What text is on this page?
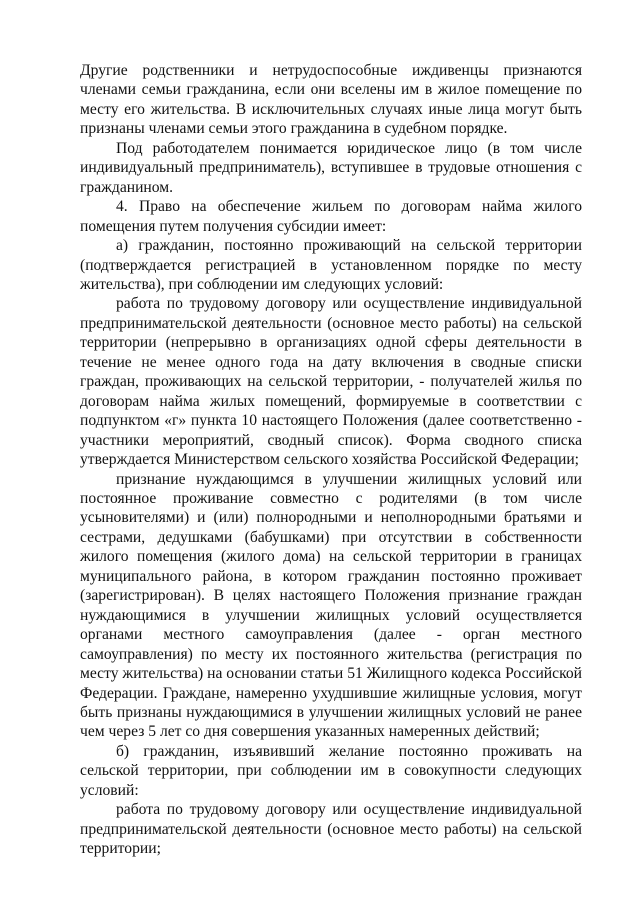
Другие родственники и нетрудоспособные иждивенцы признаются членами семьи гражданина, если они вселены им в жилое помещение по месту его жительства. В исключительных случаях иные лица могут быть признаны членами семьи этого гражданина в судебном порядке.

Под работодателем понимается юридическое лицо (в том числе индивидуальный предприниматель), вступившее в трудовые отношения с гражданином.

4. Право на обеспечение жильем по договорам найма жилого помещения путем получения субсидии имеет:

а) гражданин, постоянно проживающий на сельской территории (подтверждается регистрацией в установленном порядке по месту жительства), при соблюдении им следующих условий:

работа по трудовому договору или осуществление индивидуальной предпринимательской деятельности (основное место работы) на сельской территории (непрерывно в организациях одной сферы деятельности в течение не менее одного года на дату включения в сводные списки граждан, проживающих на сельской территории, - получателей жилья по договорам найма жилых помещений, формируемые в соответствии с подпунктом «г» пункта 10 настоящего Положения (далее соответственно - участники мероприятий, сводный список). Форма сводного списка утверждается Министерством сельского хозяйства Российской Федерации;

признание нуждающимся в улучшении жилищных условий или постоянное проживание совместно с родителями (в том числе усыновителями) и (или) полнородными и неполнородными братьями и сестрами, дедушками (бабушками) при отсутствии в собственности жилого помещения (жилого дома) на сельской территории в границах муниципального района, в котором гражданин постоянно проживает (зарегистрирован). В целях настоящего Положения признание граждан нуждающимися в улучшении жилищных условий осуществляется органами местного самоуправления (далее - орган местного самоуправления) по месту их постоянного жительства (регистрация по месту жительства) на основании статьи 51 Жилищного кодекса Российской Федерации. Граждане, намеренно ухудшившие жилищные условия, могут быть признаны нуждающимися в улучшении жилищных условий не ранее чем через 5 лет со дня совершения указанных намеренных действий;

б) гражданин, изъявивший желание постоянно проживать на сельской территории, при соблюдении им в совокупности следующих условий:

работа по трудовому договору или осуществление индивидуальной предпринимательской деятельности (основное место работы) на сельской территории;
